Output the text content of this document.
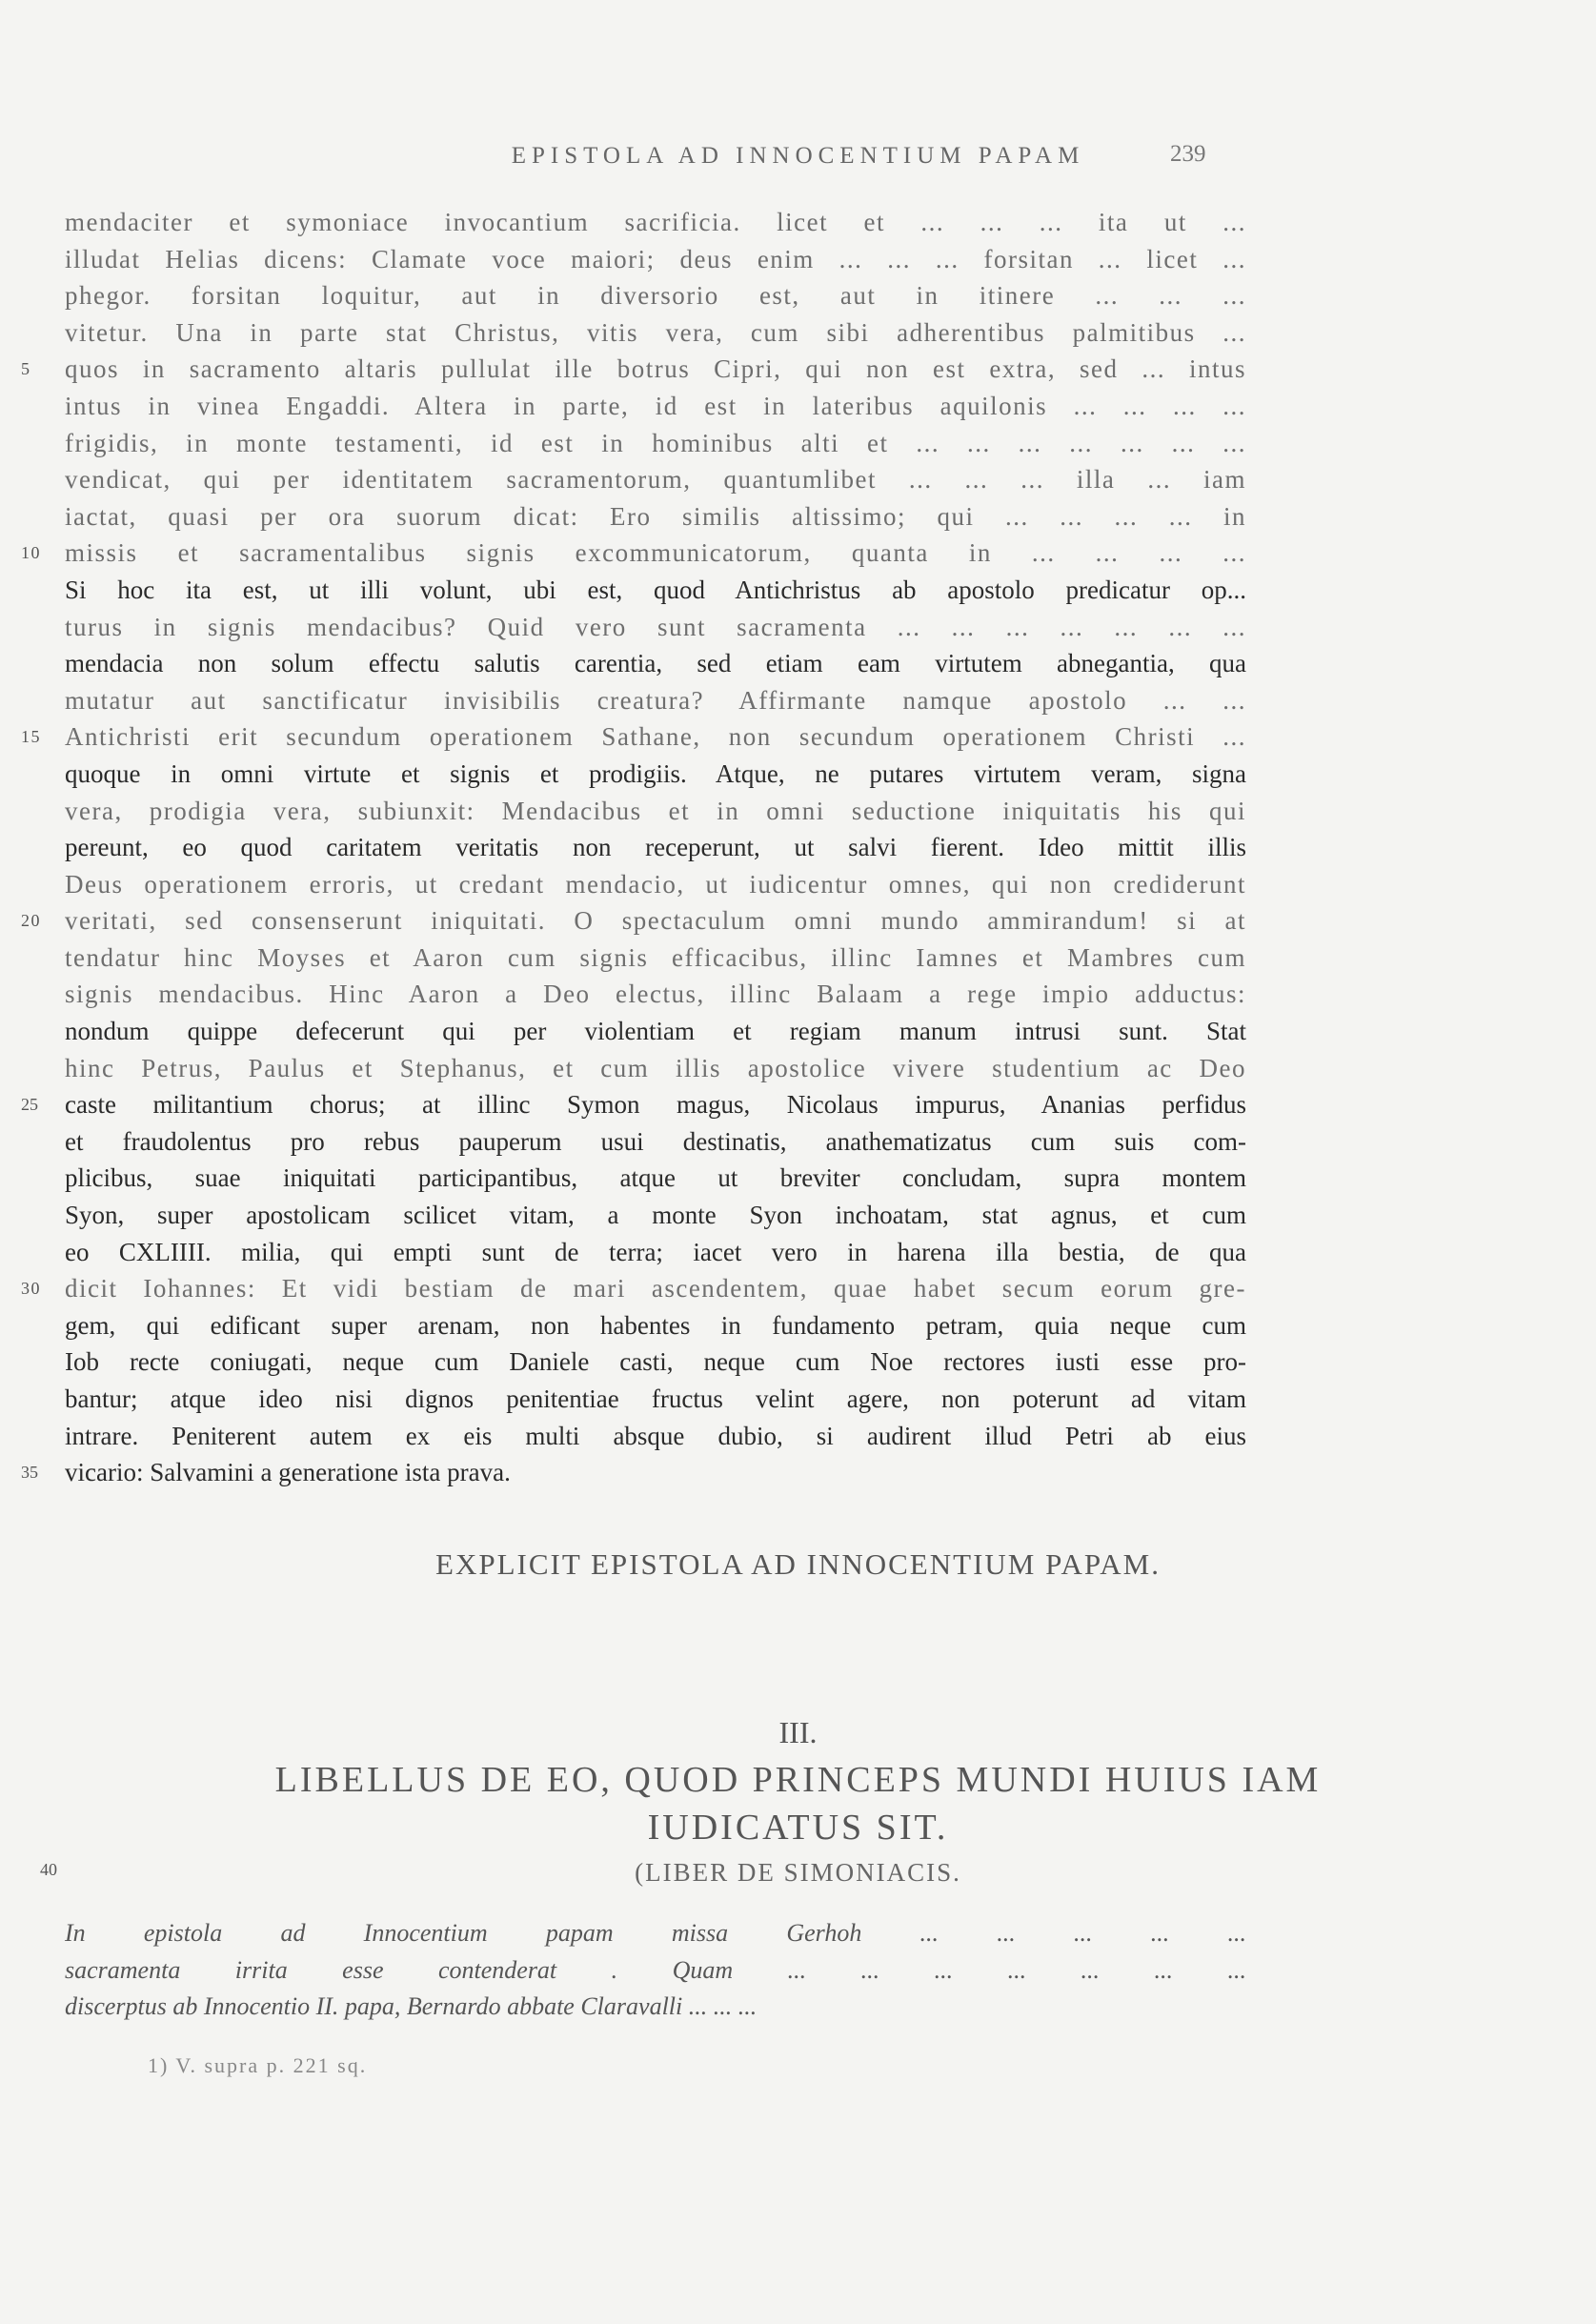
EPISTOLA AD INNOCENTIUM PAPAM	239
mendaciter et symoniace invocantium sacrificia. licet et ... ... ... ita ut ...
illudat Helias dicens: Clamate voce maiori; deus enim ... ... ... forsitan ... licet ...
phegor. forsitan loquitur, aut in diversorio est, aut in itinere ... ... ...
vitetur. Una in parte stat Christus, vitis vera, cum sibi adherentibus palmitibus ...
5	quos in sacramento altaris pullulat ille botrus Cipri, qui non est extra, sed ... intus
intus in vinea Engaddi. Altera in parte, id est in lateribus aquilonis ... ... ... ...
frigidis, in monte testamenti, id est in hominibus alti et ... ... ... ... ... ... ...
vendicat, qui per identitatem sacramentorum, quantumlibet ... ... ... illa ... iam
iactat, quasi per ora suorum dicat: Ero similis altissimo; qui ... ... ... ... in
10 missis et sacramentalibus signis excommunicatorum, quanta in ... ... ... ...
Si hoc ita est, ut illi volunt, ubi est, quod Antichristus ab apostolo predicatur op...
turus in signis mendacibus? Quid vero sunt sacramenta ... ... ... ... ... ... ...
mendacia non solum effectu salutis carentia, sed etiam eam virtutem abnegantia, qua
mutatur aut sanctificatur invisibilis creatura? Affirmante namque apostolo ... ...
15 Antichristi erit secundum operationem Sathane, non secundum operationem Christi ...
quoque in omni virtute et signis et prodigiis. Atque, ne putares virtutem veram, signa
vera, prodigia vera, subiunxit: Mendacibus et in omni seductione iniquitatis his qui
pereunt, eo quod caritatem veritatis non receperunt, ut salvi fierent. Ideo mittit illis
Deus operationem erroris, ut credant mendacio, ut iudicentur omnes, qui non crediderunt
20 veritati, sed consenserunt iniquitati. O spectaculum omni mundo ammirandum! si at
tendatur hinc Moyses et Aaron cum signis efficacibus, illinc Iamnes et Mambres cum
signis mendacibus. Hinc Aaron a Deo electus, illinc Balaam a rege impio adductus:
nondum quippe defecerunt qui per violentiam et regiam manum intrusi sunt. Stat
hinc Petrus, Paulus et Stephanus, et cum illis apostolice vivere studentium ac Deo
25	caste militantium chorus; at illinc Symon magus, Nicolaus impurus, Ananias perfidus
et fraudolentus pro rebus pauperum usui destinatis, anathematizatus cum suis com-
plicibus, suae iniquitati participantibus, atque ut breviter concludam, supra montem
Syon, super apostolicam scilicet vitam, a monte Syon inchoatam, stat agnus, et cum
eo CXLIIII. milia, qui empti sunt de terra; iacet vero in harena illa bestia, de qua
30 dicit Iohannes: Et vidi bestiam de mari ascendentem, quae habet secum eorum gre-
gem, qui edificant super arenam, non habentes in fundamento petram, quia neque cum
Iob recte coniugati, neque cum Daniele casti, neque cum Noe rectores iusti esse pro-
bantur; atque ideo nisi dignos penitentiae fructus velint agere, non poterunt ad vitam
intrare. Peniterent autem ex eis multi absque dubio, si audirent illud Petri ab eius
35	vicario: Salvamini a generatione ista prava.
EXPLICIT EPISTOLA AD INNOCENTIUM PAPAM.
III.
LIBELLUS DE EO, QUOD PRINCEPS MUNDI HUIUS IAM
IUDICATUS SIT.
40	(LIBER DE SIMONIACIS.
In epistola ad Innocentium papam missa Gerhoh ... ... ... ... ...
sacramenta irrita esse contenderat . Quam ... ... ... ... ... ... ...
discerptus ab Innocentio II. papa, Bernardo abbate Claravalli ... ... ...
1) V. supra p. 221 sq.
